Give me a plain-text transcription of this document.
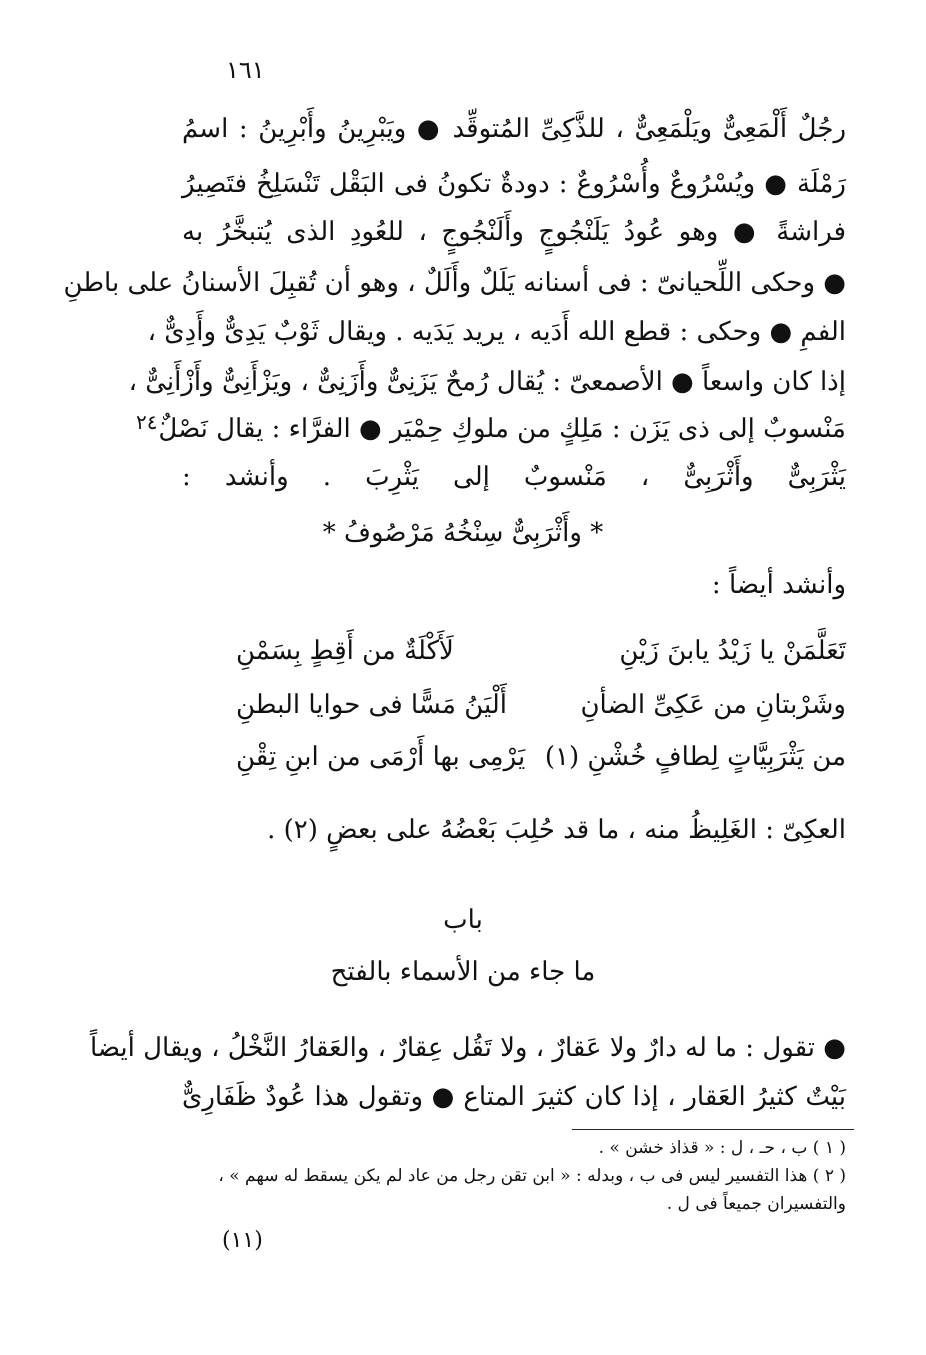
١٦١
٢٤٠
رجُلٌ أَلْمَعِىٌّ ويَلْمَعِىٌّ ، للذَّكِىِّ المُتوقِّد ● ويَبْرِينُ وأَبْرِينُ : اسمُ
رَمْلَة ● ويُسْرُوعٌ وأُسْرُوعٌ : دودةٌ تكونُ فى البَقْل تَنْسَلِخُ فتَصِيرُ
فراشةً ● وهو عُودُ يَلَنْجُوجٍ وأَلَنْجُوجٍ ، للعُودِ الذى يُتبخَّرُ به
● وحكى اللِّحيانىّ : فى أسنانه يَلَلٌ وأَلَلٌ ، وهو أن تُقبِلَ الأسنانُ على باطنِ
الفمِ ● وحكى : قطع الله أَدَيه ، يريد يَدَيه . ويقال ثَوْبٌ يَدِىٌّ وأَدِىٌّ ،
إذا كان واسعاً ● الأصمعىّ : يُقال رُمحٌ يَزَنِىٌّ وأَزَنِىٌّ ، ويَزْأَنِىٌّ وأَزْأَنِىٌّ ،
مَنْسوبٌ إلى ذى يَزَن : مَلِكٍ من ملوكِ حِمْيَر ● الفرَّاء : يقال نَصْلٌ
يَثْرَبِىٌّ وأَثْرَبِىٌّ ، مَنْسوبٌ إلى يَثْرِبَ . وأنشد :
* وأَثْرَبِىٌّ سِنْخُهُ مَرْصُوفُ *
وأنشد أيضاً :
تَعَلَّمَنْ يا زَيْدُ يابنَ زَيْنِ
لَأَكْلَةٌ من أَقِطٍ بِسَمْنِ
وشَرْبتانِ من عَكِىِّ الضأنِ
أَلْيَنُ مَسًّا فى حوايا البطنِ
من يَثْرَبِيَّاتٍ لِطافٍ خُشْنِ (١)
يَرْمِى بها أَرْمَى من ابنِ تِقْنِ
العكِىّ : الغَلِيظُ منه ، ما قد حُلِبَ بَعْضُهُ على بعضٍ (٢) .
باب
ما جاء من الأسماء بالفتح
● تقول : ما له دارٌ ولا عَقارٌ ، ولا تَقُل عِقارٌ ، والعَقارُ النَّخْلُ ، ويقال أيضاً
بَيْتٌ كثيرُ العَقار ، إذا كان كثيرَ المتاع ● وتقول هذا عُودٌ ظَفَارِىٌّ
( ١ ) ب ، حـ ، ل : « قذاذ خشن » .
( ٢ ) هذا التفسير ليس فى ب ، وبدله : « ابن تقن رجل من عاد لم يكن يسقط له سهم » ،
والتفسيران جميعاً فى ل .
(١١)
